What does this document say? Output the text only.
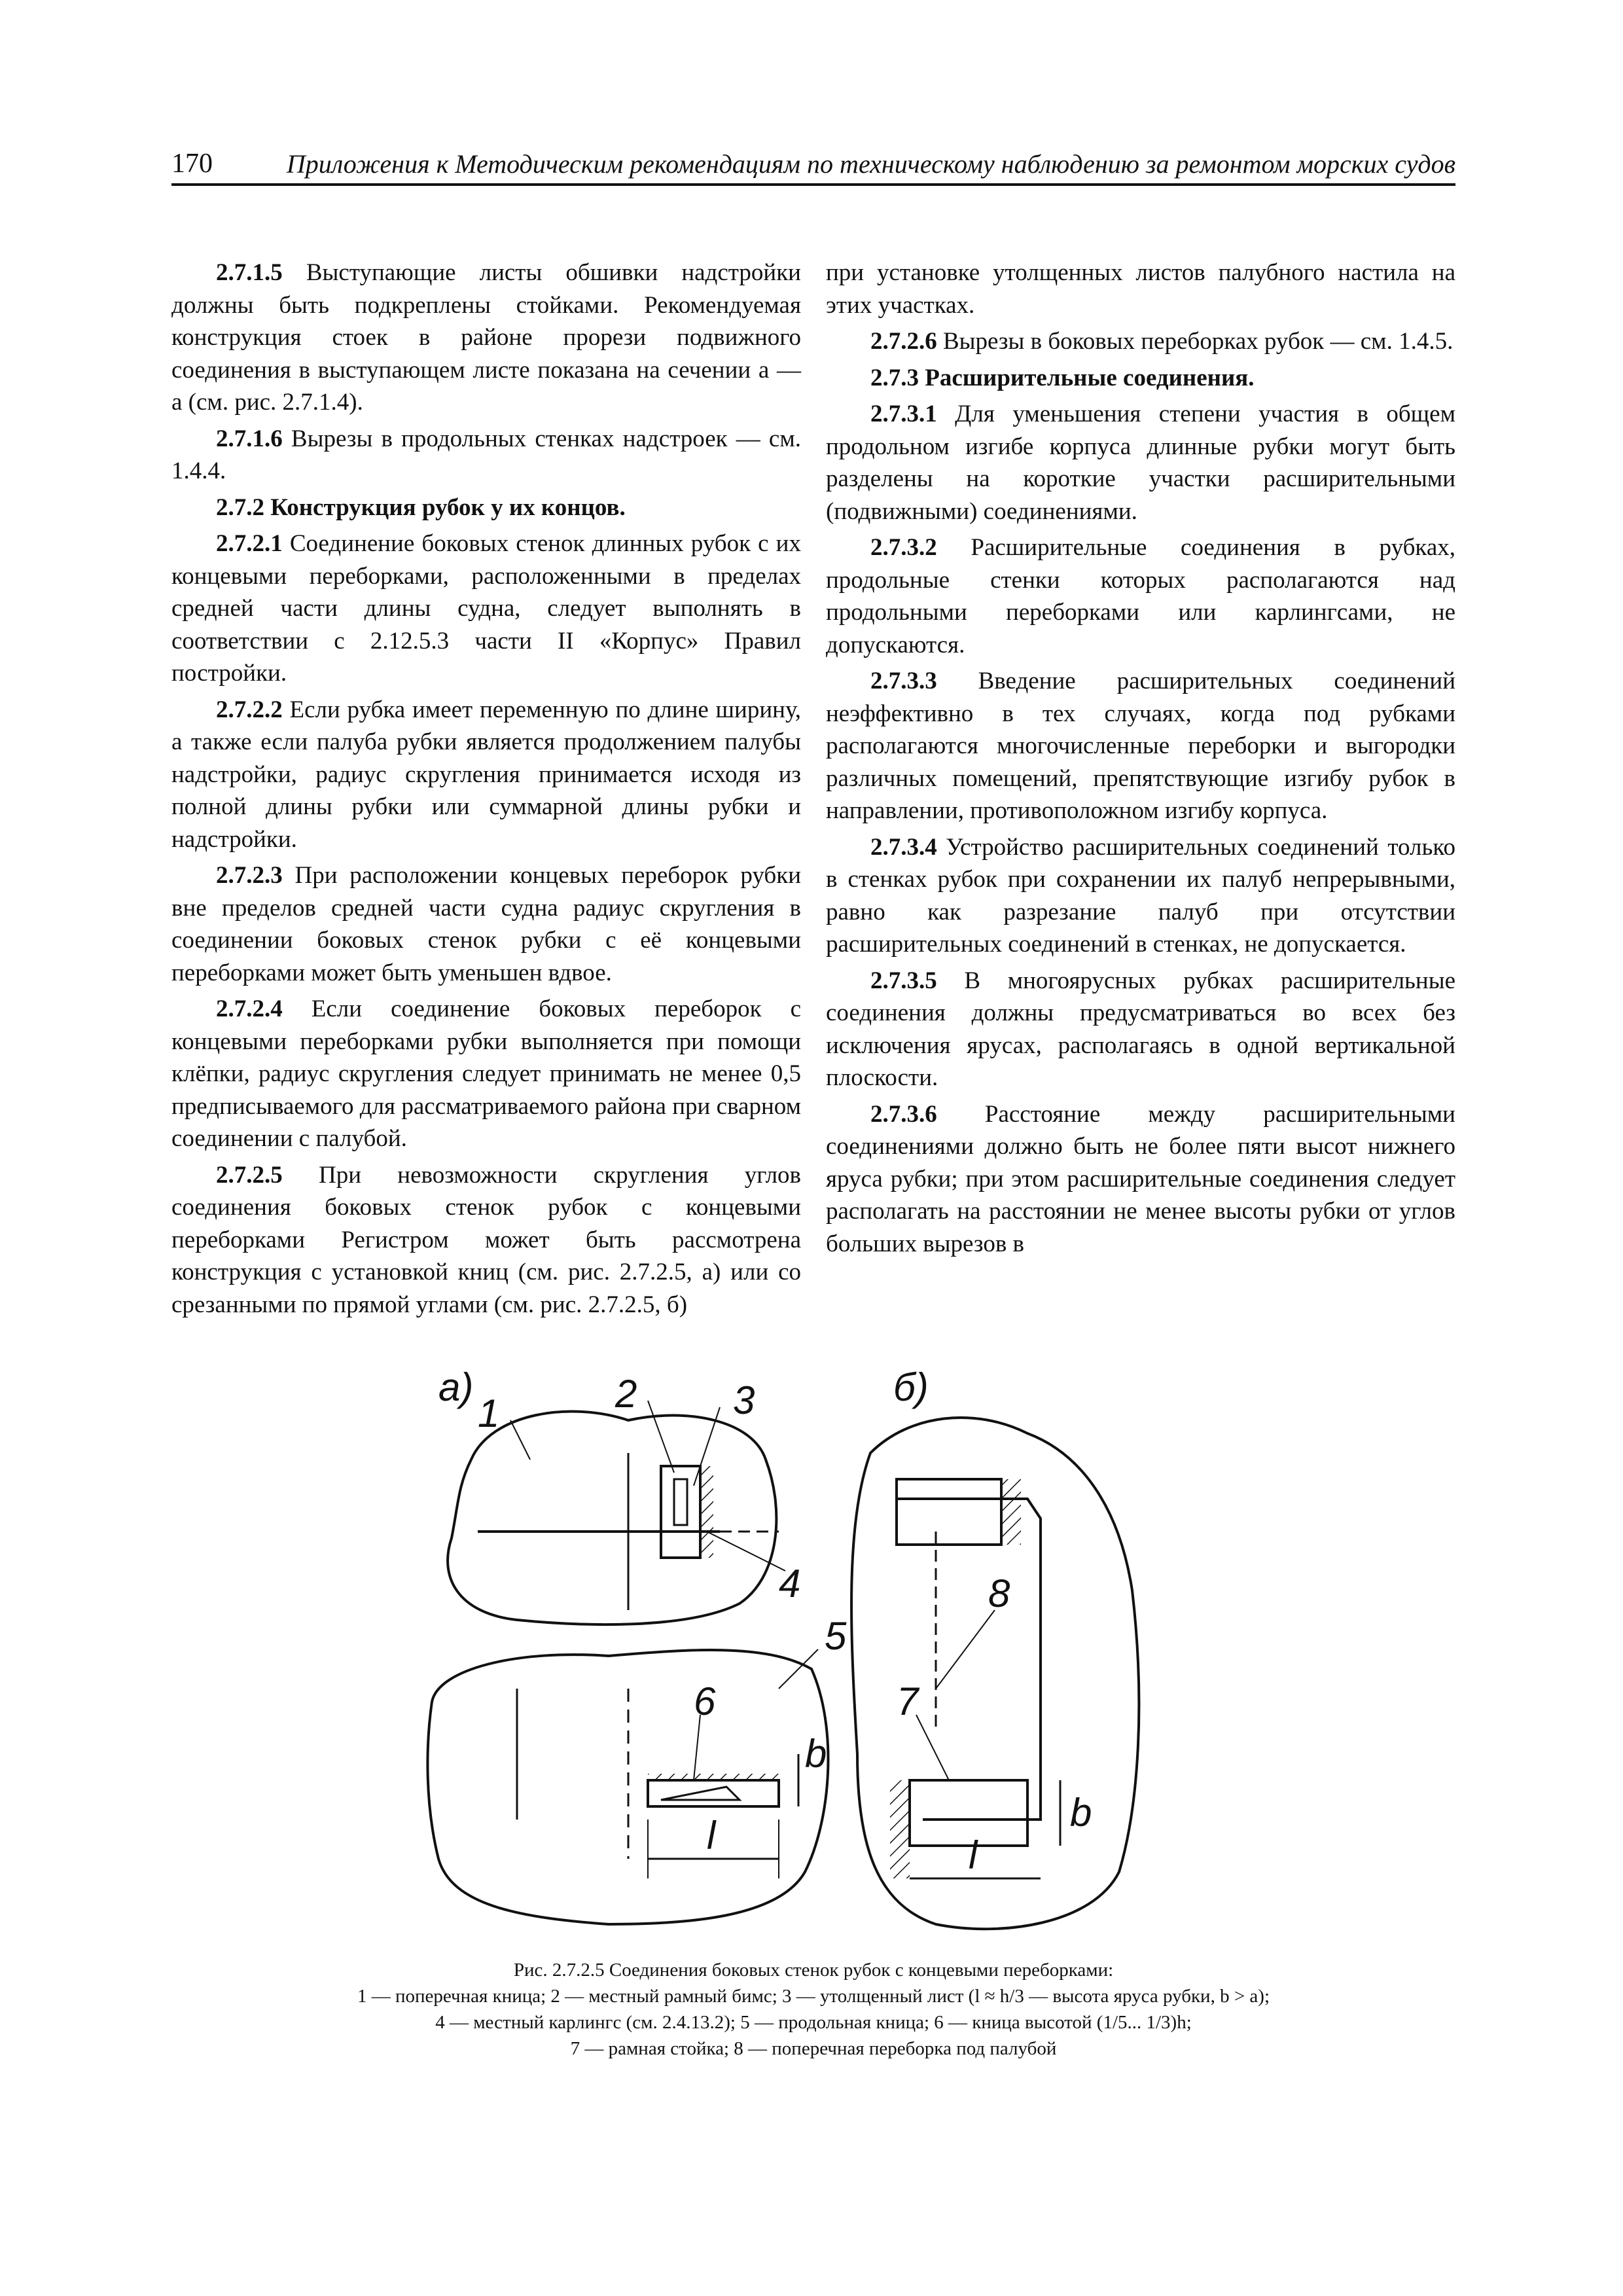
170	Приложения к Методическим рекомендациям по техническому наблюдению за ремонтом морских судов

2.7.1.5 Выступающие листы обшивки надстройки должны быть подкреплены стойками. Рекомендуемая конструкция стоек в районе прорези подвижного соединения в выступающем листе показана на сечении а — а (см. рис. 2.7.1.4).

2.7.1.6 Вырезы в продольных стенках надстроек — см. 1.4.4.

2.7.2 Конструкция рубок у их концов.

2.7.2.1 Соединение боковых стенок длинных рубок с их концевыми переборками, расположенными в пределах средней части длины судна, следует выполнять в соответствии с 2.12.5.3 части II «Корпус» Правил постройки.

2.7.2.2 Если рубка имеет переменную по длине ширину, а также если палуба рубки является продолжением палубы надстройки, радиус скругления принимается исходя из полной длины рубки или суммарной длины рубки и надстройки.

2.7.2.3 При расположении концевых переборок рубки вне пределов средней части судна радиус скругления в соединении боковых стенок рубки с её концевыми переборками может быть уменьшен вдвое.

2.7.2.4 Если соединение боковых переборок с концевыми переборками рубки выполняется при помощи клёпки, радиус скругления следует принимать не менее 0,5 предписываемого для рассматриваемого района при сварном соединении с палубой.

2.7.2.5 При невозможности скругления углов соединения боковых стенок рубок с концевыми переборками Регистром может быть рассмотрена конструкция с установкой книц (см. рис. 2.7.2.5, а) или со срезанными по прямой углами (см. рис. 2.7.2.5, б)

при установке утолщенных листов палубного настила на этих участках.

2.7.2.6 Вырезы в боковых переборках рубок — см. 1.4.5.

2.7.3 Расширительные соединения.

2.7.3.1 Для уменьшения степени участия в общем продольном изгибе корпуса длинные рубки могут быть разделены на короткие участки расширительными (подвижными) соединениями.

2.7.3.2 Расширительные соединения в рубках, продольные стенки которых располагаются над продольными переборками или карлингсами, не допускаются.

2.7.3.3 Введение расширительных соединений неэффективно в тех случаях, когда под рубками располагаются многочисленные переборки и выгородки различных помещений, препятствующие изгибу рубок в направлении, противоположном изгибу корпуса.

2.7.3.4 Устройство расширительных соединений только в стенках рубок при сохранении их палуб непрерывными, равно как разрезание палуб при отсутствии расширительных соединений в стенках, не допускается.

2.7.3.5 В многоярусных рубках расширительные соединения должны предусматриваться во всех без исключения ярусах, располагаясь в одной вертикальной плоскости.

2.7.3.6 Расстояние между расширительными соединениями должно быть не более пяти высот нижнего яруса рубки; при этом расширительные соединения следует располагать на расстоянии не менее высоты рубки от углов больших вырезов в

а)	б)
1	2 3
4
5
6	7
8
b
l
b
l
Рис. 2.7.2.5 Соединения боковых стенок рубок с концевыми переборками:
1 — поперечная кница; 2 — местный рамный бимс; 3 — утолщенный лист (l ≈ h/3 — высота яруса рубки, b > a);
4 — местный карлингс (см. 2.4.13.2); 5 — продольная кница; 6 — кница высотой (1/5... 1/3)h;
7 — рамная стойка; 8 — поперечная переборка под палубой
